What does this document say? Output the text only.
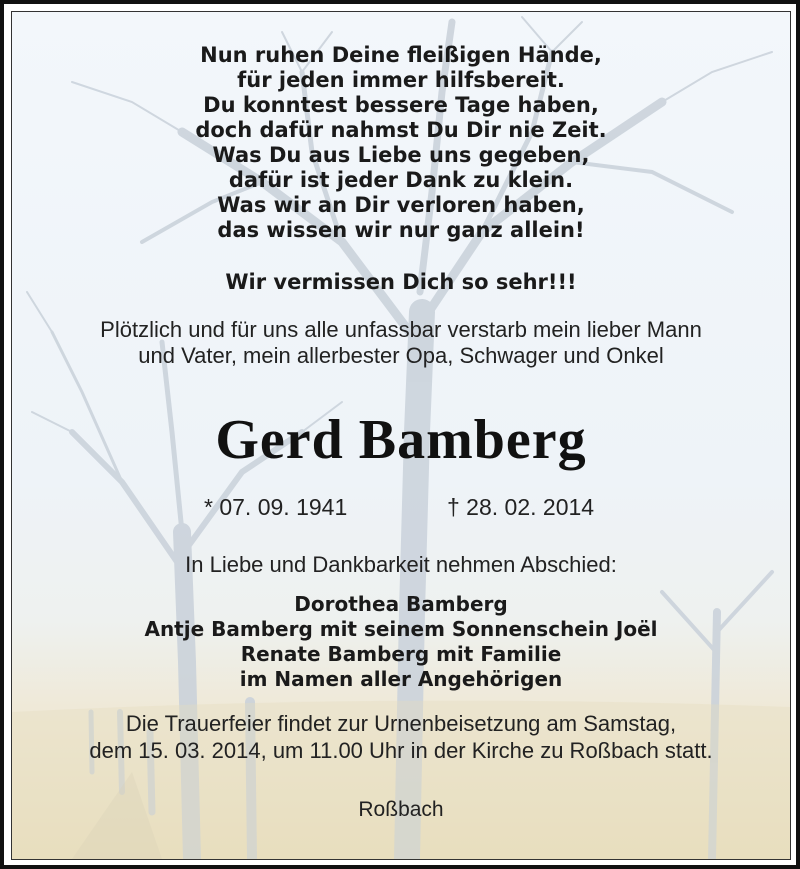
Nun ruhen Deine fleißigen Hände,
für jeden immer hilfsbereit.
Du konntest bessere Tage haben,
doch dafür nahmst Du Dir nie Zeit.
Was Du aus Liebe uns gegeben,
dafür ist jeder Dank zu klein.
Was wir an Dir verloren haben,
das wissen wir nur ganz allein!
Wir vermissen Dich so sehr!!!
Plötzlich und für uns alle unfassbar verstarb mein lieber Mann
und Vater, mein allerbester Opa, Schwager und Onkel
Gerd Bamberg
* 07. 09. 1941	† 28. 02. 2014
In Liebe und Dankbarkeit nehmen Abschied:
Dorothea Bamberg
Antje Bamberg mit seinem Sonnenschein Joël
Renate Bamberg mit Familie
im Namen aller Angehörigen
Die Trauerfeier findet zur Urnenbeisetzung am Samstag,
dem 15. 03. 2014, um 11.00 Uhr in der Kirche zu Roßbach statt.
Roßbach
